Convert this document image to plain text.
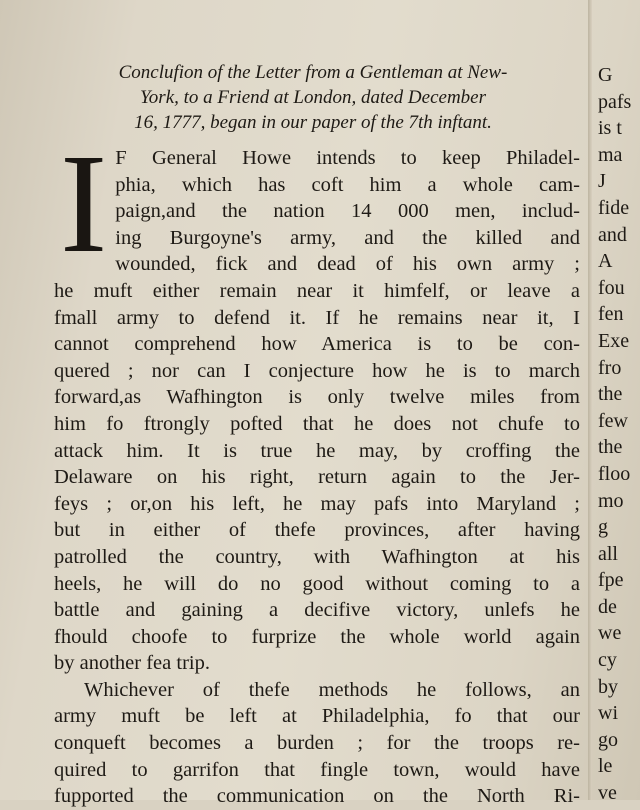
Conclufion of the Letter from a Gentleman at New-
York, to a Friend at London, dated December
16, 1777, began in our paper of the 7th inftant.
I F General Howe intends to keep Philadel-
phia, which has coft him a whole cam-
paign,and the nation 14 000 men, includ-
ing Burgoyne's army, and the killed and
wounded, fick and dead of his own army ;
he muft either remain near it himfelf, or leave a
fmall army to defend it. If he remains near it, I
cannot comprehend how America is to be con-
quered ; nor can I conjecture how he is to march
forward,as Wafhington is only twelve miles from
him fo ftrongly pofted that he does not chufe to
attack him. It is true he may, by croffing the
Delaware on his right, return again to the Jer-
feys ; or,on his left, he may pafs into Maryland ;
but in either of thefe provinces, after having
patrolled the country, with Wafhington at his
heels, he will do no good without coming to a
battle and gaining a decifive victory, unlefs he
fhould choofe to furprize the whole world again
by another fea trip.
Whichever of thefe methods he follows, an
army muft be left at Philadelphia, fo that our
conqueft becomes a burden ; for the troops re-
quired to garrifon that fingle town, would have
fupported the communication on the North Ri-
G
pafs
is t
ma
J
fide
and
A
fou
fen
Exe
fro
the
few
the
floo
mo
g
all
fpe
de
we
cy
by
wi
go
le
ve
